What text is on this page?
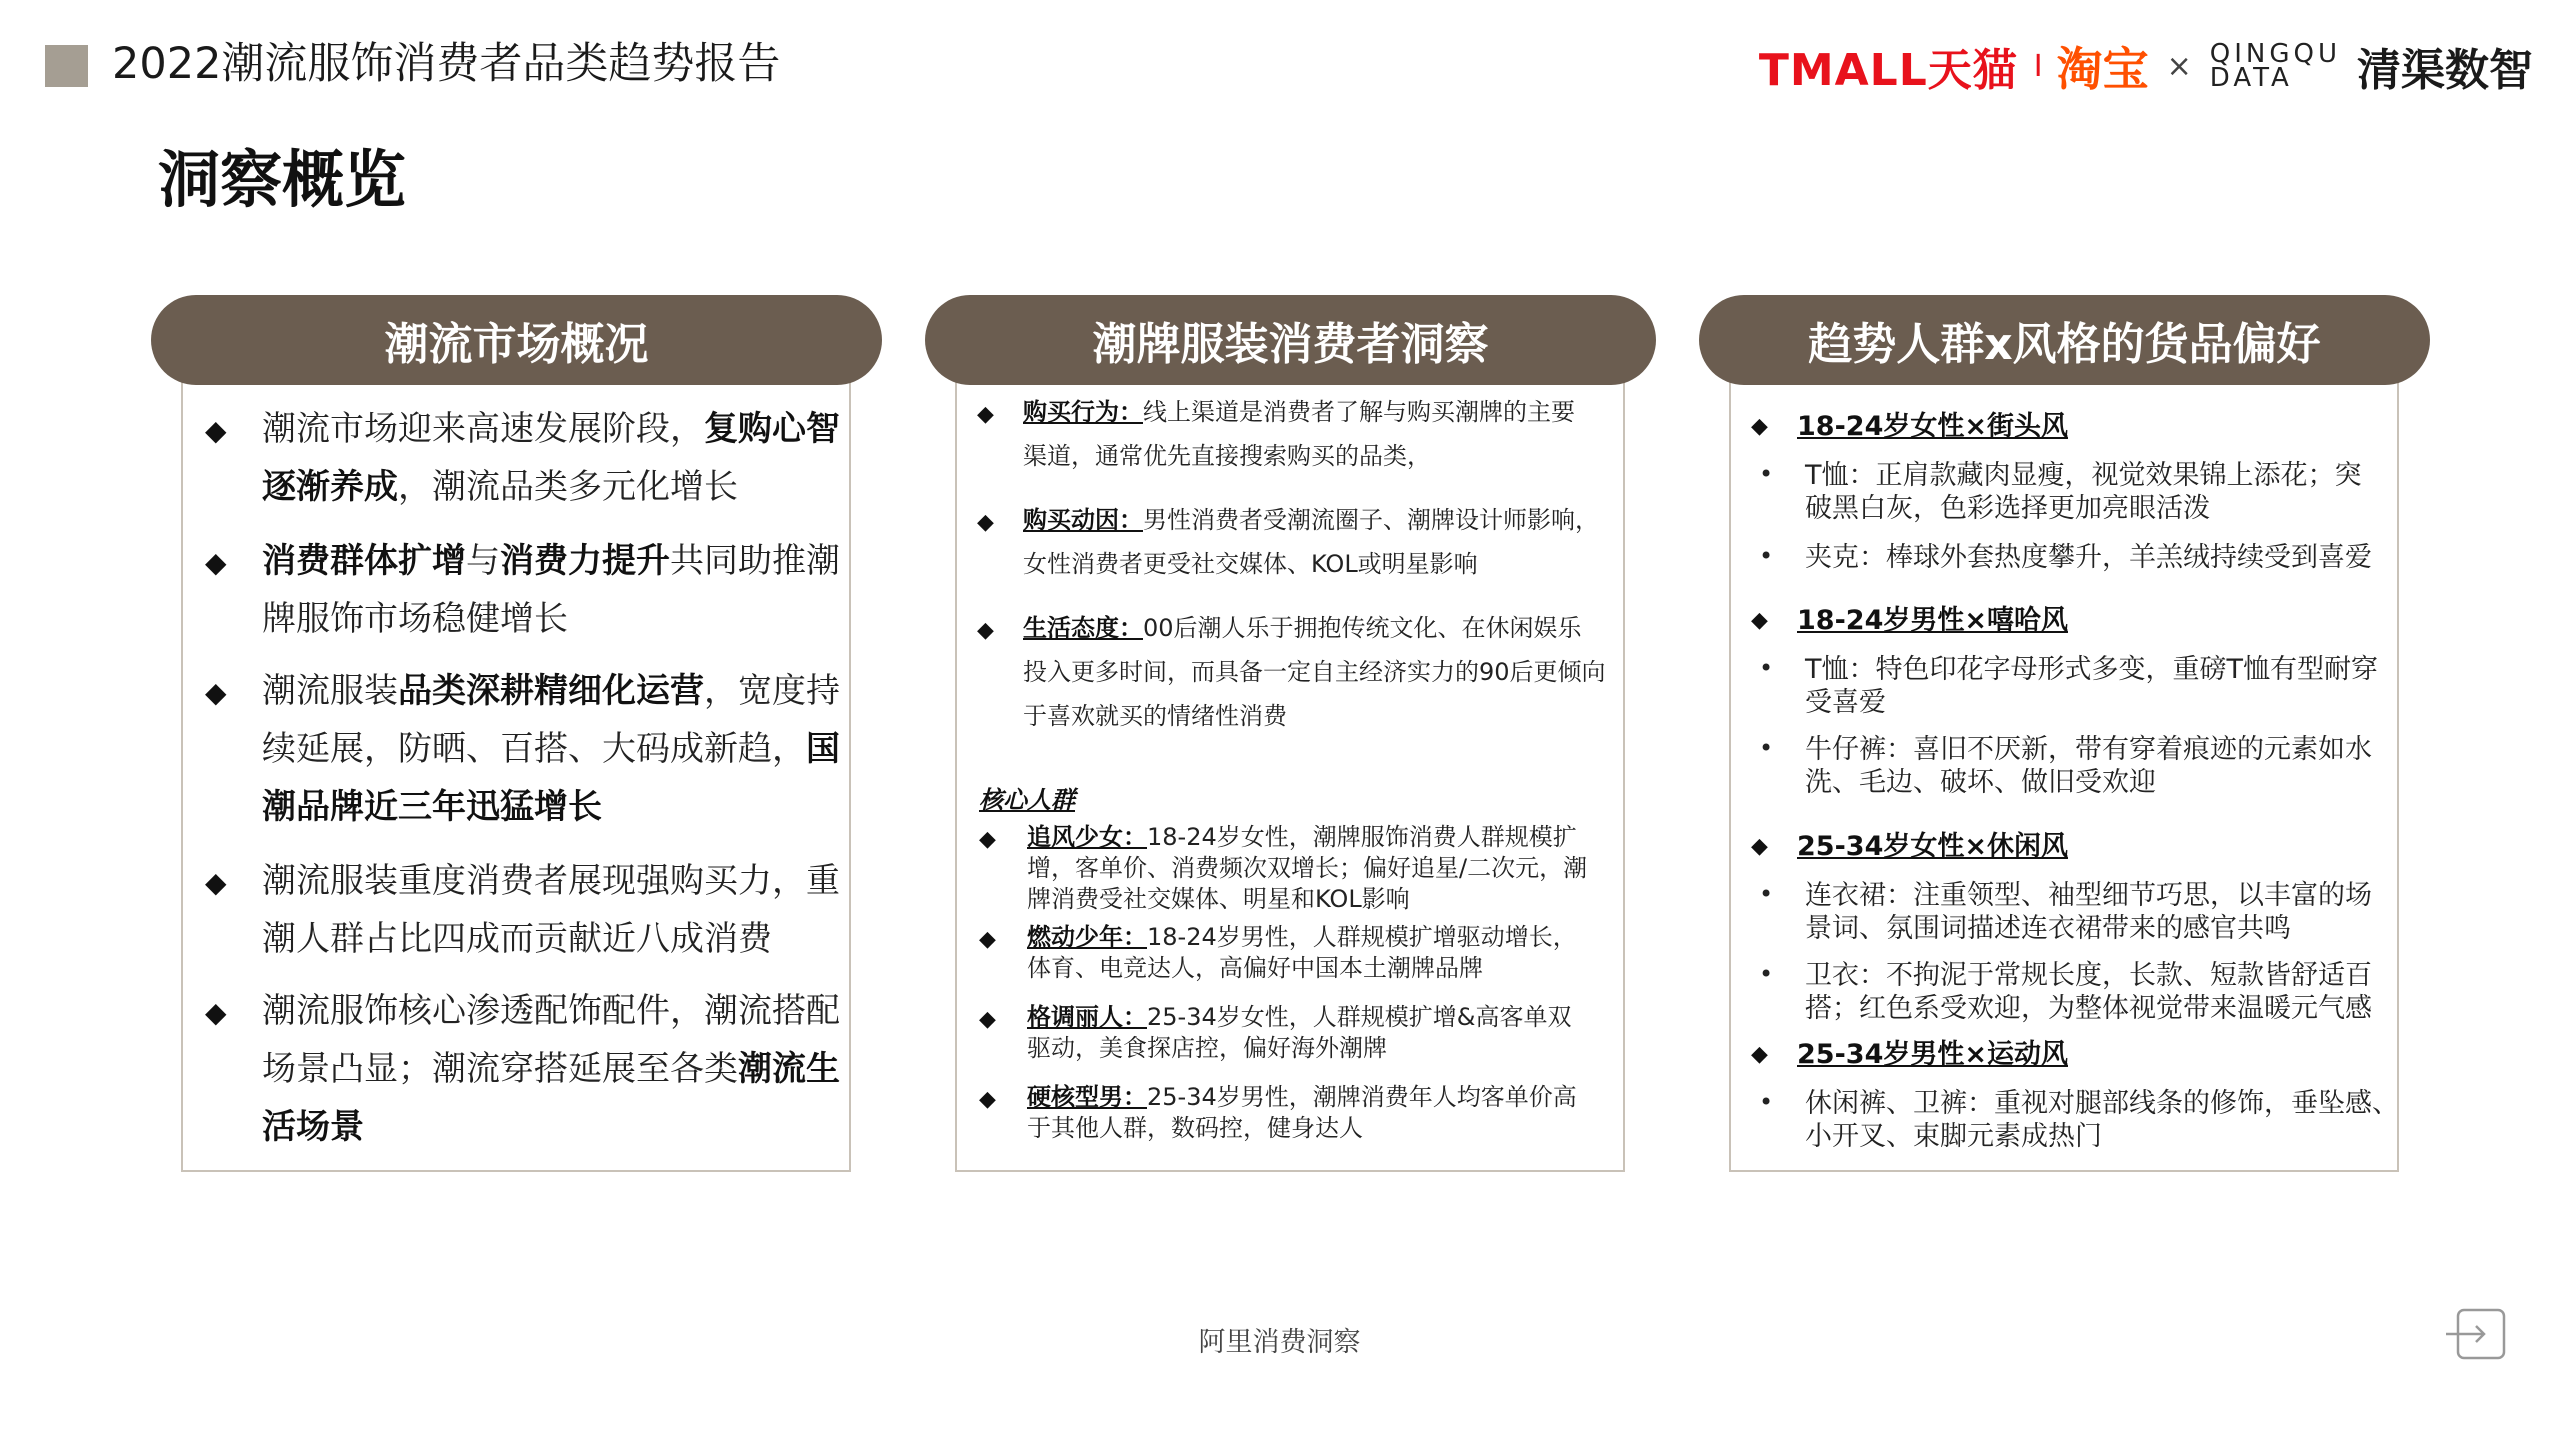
2022潮流服饰消费者品类趋势报告	TMALL天猫 I 淘宝 × QINGQU
DATA	清渠数智
洞察概览
◆ 潮流市场迎来高速发展阶段，复购心智
逐渐养成，潮流品类多元化增长
◆ 消费群体扩增与消费力提升共同助推潮
牌服饰市场稳健增长
◆ 潮流服装品类深耕精细化运营，宽度持
续延展，防晒、百搭、大码成新趋，国
潮品牌近三年迅猛增长
◆ 潮流服装重度消费者展现强购买力，重
潮人群占比四成而贡献近八成消费
◆ 潮流服饰核心渗透配饰配件，潮流搭配
场景凸显；潮流穿搭延展至各类潮流生
活场景
潮流市场概况
◆ 购买行为：线上渠道是消费者了解与购买潮牌的主要
渠道，通常优先直接搜索购买的品类，
◆ 购买动因：男性消费者受潮流圈子、潮牌设计师影响，
女性消费者更受社交媒体、KOL或明星影响
◆ 生活态度：00后潮人乐于拥抱传统文化、在休闲娱乐
投入更多时间，而具备一定自主经济实力的90后更倾向
于喜欢就买的情绪性消费
核心人群
◆ 追风少女：18-24岁女性，潮牌服饰消费人群规模扩
增，客单价、消费频次双增长；偏好追星/二次元，潮
牌消费受社交媒体、明星和KOL影响
◆ 燃动少年：18-24岁男性，人群规模扩增驱动增长，
体育、电竞达人，高偏好中国本土潮牌品牌
◆ 格调丽人：25-34岁女性，人群规模扩增&高客单双
驱动，美食探店控，偏好海外潮牌
◆ 硬核型男：25-34岁男性，潮牌消费年人均客单价高
于其他人群，数码控，健身达人
潮牌服装消费者洞察
◆ 18-24岁女性×街头风
• T恤：正肩款藏肉显瘦，视觉效果锦上添花；突
破黑白灰，色彩选择更加亮眼活泼
• 夹克：棒球外套热度攀升，羊羔绒持续受到喜爱
◆ 18-24岁男性×嘻哈风
• T恤：特色印花字母形式多变，重磅T恤有型耐穿
受喜爱
• 牛仔裤：喜旧不厌新，带有穿着痕迹的元素如水
洗、毛边、破坏、做旧受欢迎
◆ 25-34岁女性×休闲风
• 连衣裙：注重领型、袖型细节巧思，以丰富的场
景词、氛围词描述连衣裙带来的感官共鸣
• 卫衣：不拘泥于常规长度，长款、短款皆舒适百
搭；红色系受欢迎，为整体视觉带来温暖元气感
◆ 25-34岁男性×运动风
• 休闲裤、卫裤：重视对腿部线条的修饰，垂坠感、
小开叉、束脚元素成热门
趋势人群x风格的货品偏好
阿里消费洞察
